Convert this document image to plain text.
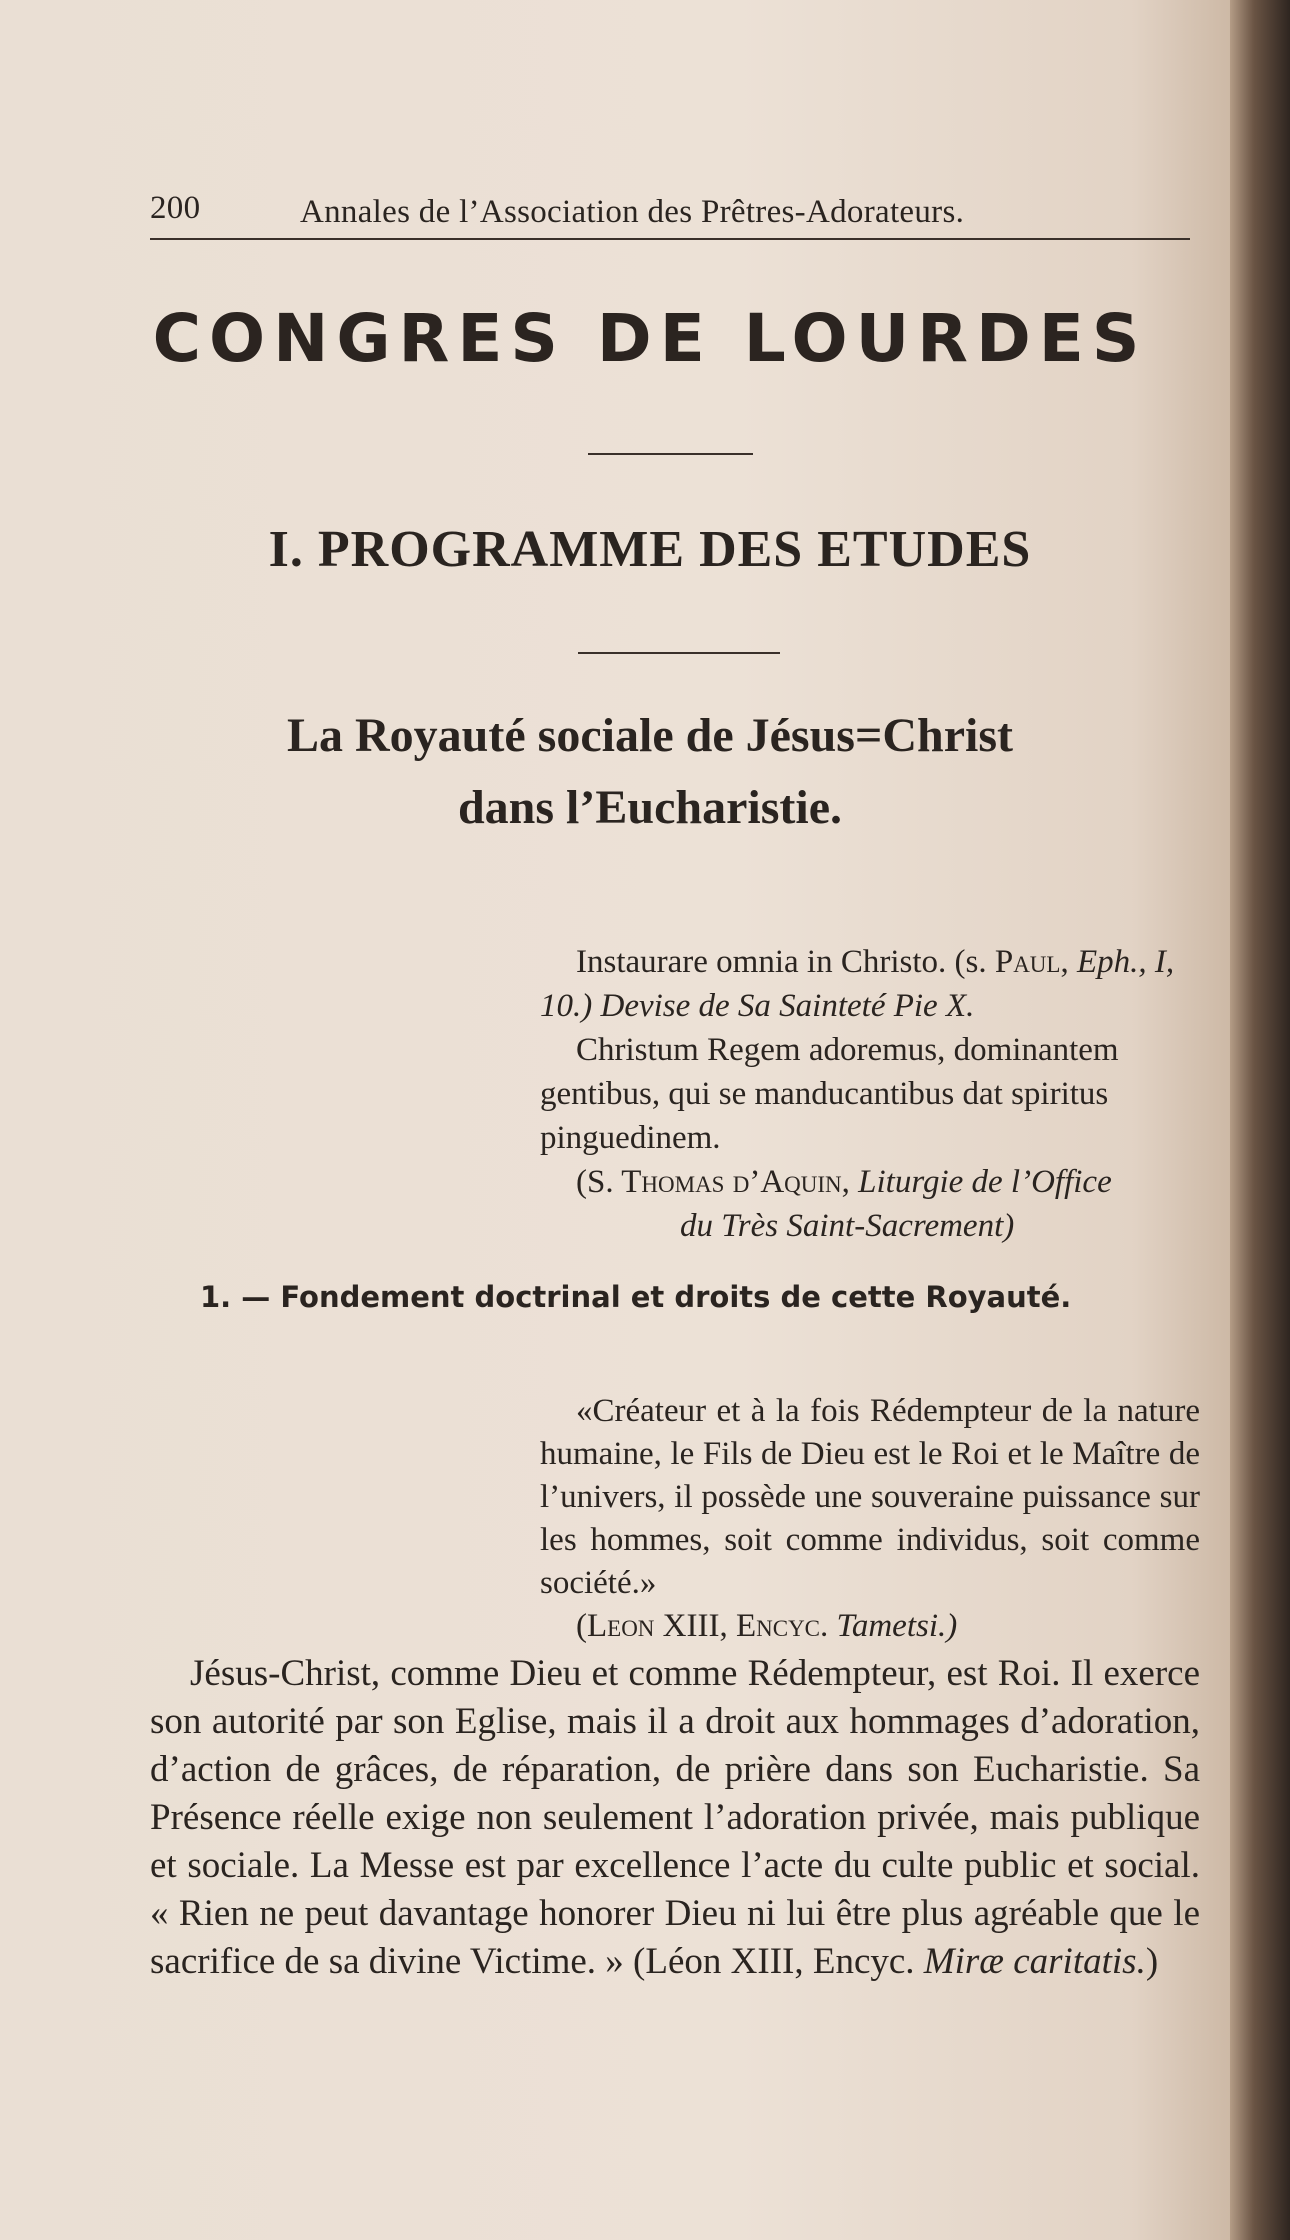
200	Annales de l’Association des Prêtres-Adorateurs.
CONGRES DE LOURDES
I. PROGRAMME DES ETUDES
La Royauté sociale de Jésus=Christ
dans l’Eucharistie.

Instaurare omnia in Christo. (s. Paul, Eph., I, 10.) Devise de Sa Sainteté Pie X.

Christum Regem adoremus, dominantem gentibus, qui se manducantibus dat spiritus pinguedinem.

(S. Thomas d’Aquin, Liturgie de l’Office

du Très Saint-Sacrement)

1. — Fondement doctrinal et droits de cette Royauté.

«Créateur et à la fois Rédempteur de la nature humaine, le Fils de Dieu est le Roi et le Maître de l’univers, il possède une souveraine puissance sur les hommes, soit comme individus, soit comme société.»

(Leon XIII, Encyc. Tametsi.)

Jésus-Christ, comme Dieu et comme Rédempteur, est Roi. Il exerce son autorité par son Eglise, mais il a droit aux hommages d’adoration, d’action de grâces, de réparation, de prière dans son Eucharistie. Sa Présence réelle exige non seulement l’adoration privée, mais publique et sociale. La Messe est par excellence l’acte du culte public et social. « Rien ne peut davantage honorer Dieu ni lui être plus agréable que le sacrifice de sa divine Victime. » (Léon XIII, Encyc. Miræ caritatis.)
